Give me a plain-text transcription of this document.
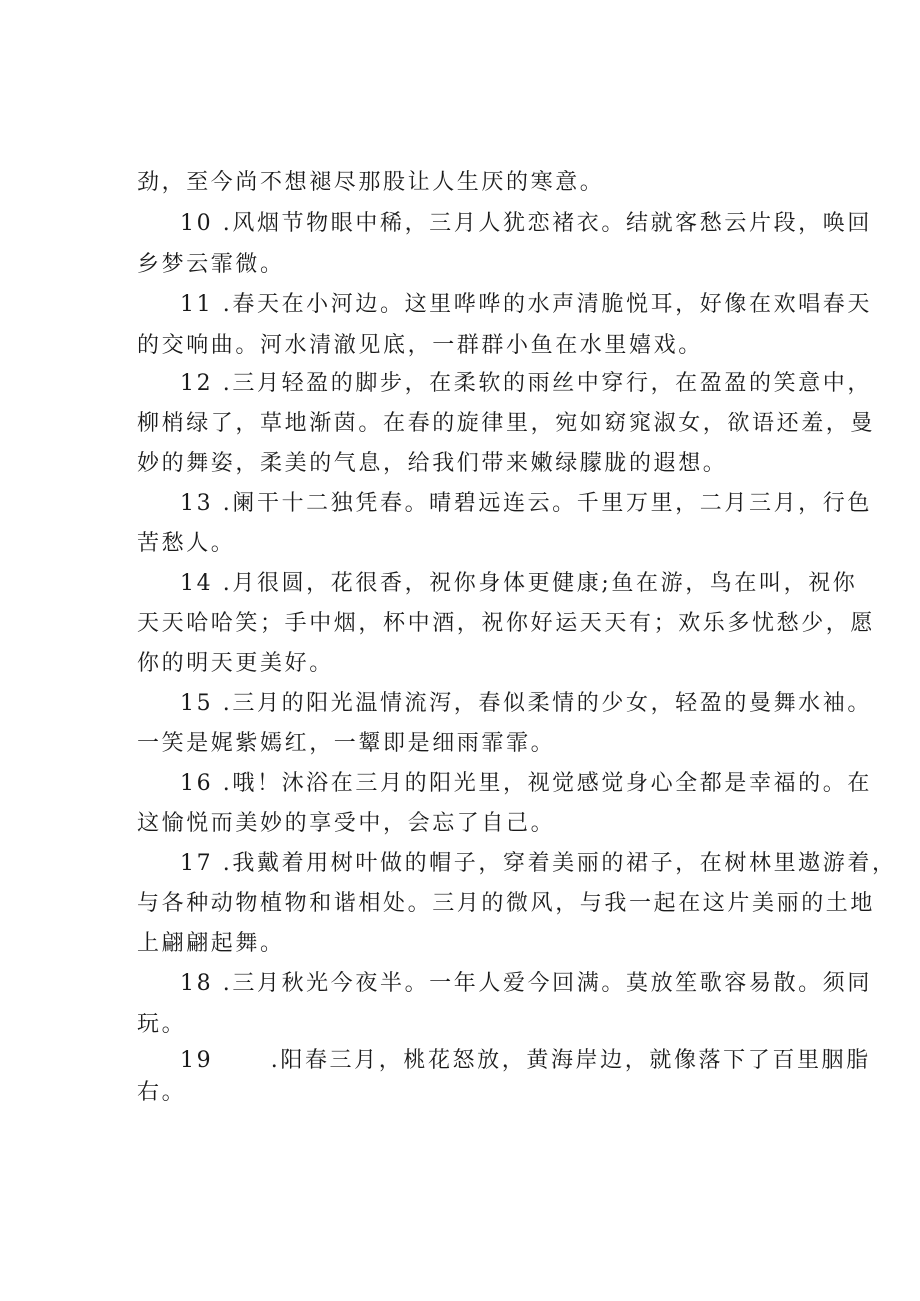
劲，至今尚不想褪尽那股让人生厌的寒意。
10 .风烟节物眼中稀，三月人犹恋褚衣。结就客愁云片段，唤回
乡梦云霏微。
11 .春天在小河边。这里哗哗的水声清脆悦耳，好像在欢唱春天
的交响曲。河水清澈见底，一群群小鱼在水里嬉戏。
12 .三月轻盈的脚步，在柔软的雨丝中穿行，在盈盈的笑意中，
柳梢绿了，草地渐茵。在春的旋律里，宛如窈窕淑女，欲语还羞，曼
妙的舞姿，柔美的气息，给我们带来嫩绿朦胧的遐想。
13 .阑干十二独凭春。晴碧远连云。千里万里，二月三月，行色
苦愁人。
14 .月很圆，花很香，祝你身体更健康;鱼在游，鸟在叫，祝你
天天哈哈笑；手中烟，杯中酒，祝你好运天天有；欢乐多忧愁少，愿
你的明天更美好。
15 .三月的阳光温情流泻，春似柔情的少女，轻盈的曼舞水袖。
一笑是娓紫嫣红，一颦即是细雨霏霏。
16 .哦！沐浴在三月的阳光里，视觉感觉身心全都是幸福的。在
这愉悦而美妙的享受中，会忘了自己。
17 .我戴着用树叶做的帽子，穿着美丽的裙子，在树林里遨游着，
与各种动物植物和谐相处。三月的微风，与我一起在这片美丽的土地
上翩翩起舞。
18 .三月秋光今夜半。一年人爱今回满。莫放笙歌容易散。须同
玩。
19      .阳春三月，桃花怒放，黄海岸边，就像落下了百里胭脂
右。
